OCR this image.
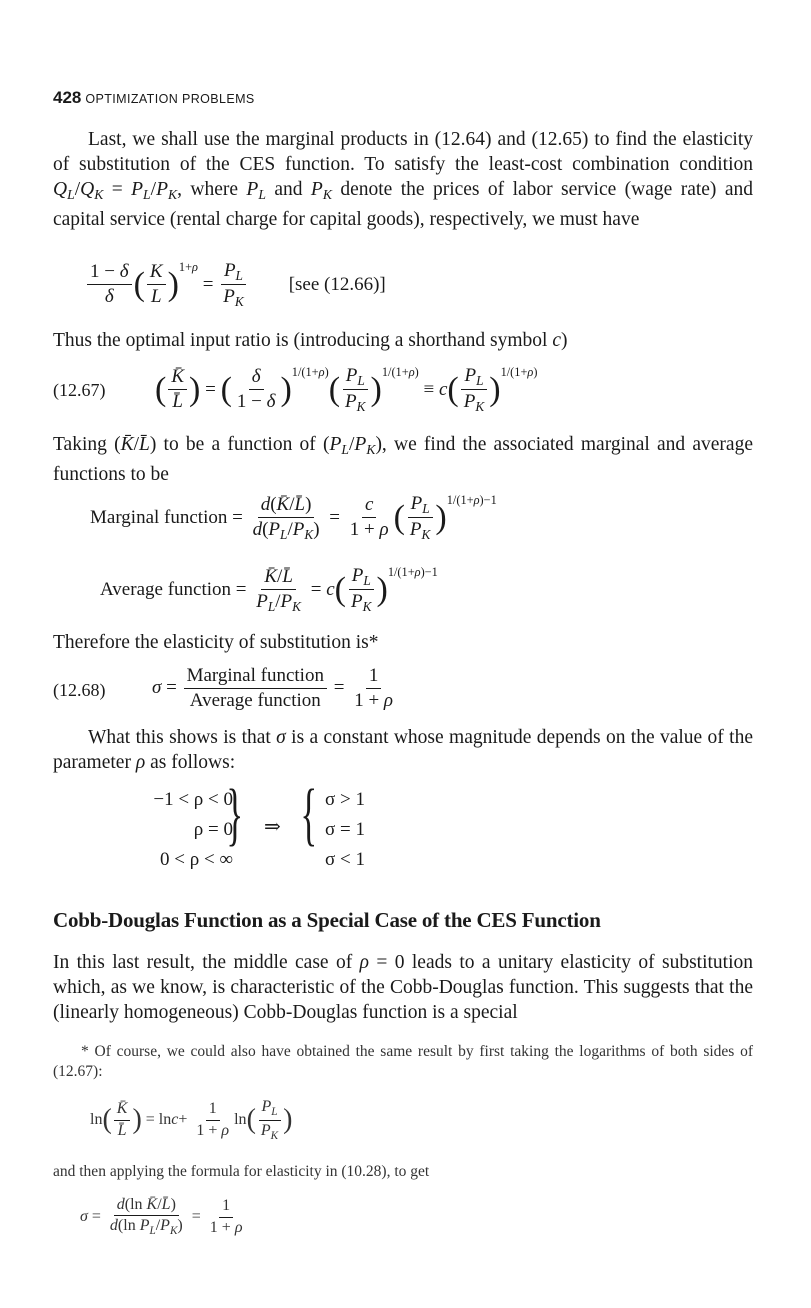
428 OPTIMIZATION PROBLEMS
Last, we shall use the marginal products in (12.64) and (12.65) to find the elasticity of substitution of the CES function. To satisfy the least-cost combination condition $Q_L/Q_K = P_L/P_K$, where $P_L$ and $P_K$ denote the prices of labor service (wage rate) and capital service (rental charge for capital goods), respectively, we must have
$\frac{1 - \delta}{\delta}$ ( $\frac{K}{L} )^{1+\rho}$
= $\frac{P_L}{P_K} [see$ (12.66)]
Thus the optimal input ratio is (introducing a shorthand symbol c)
(12.67) ( $\frac{K̄}{L̄}$ ) = ( $\frac{\delta}{1 - \delta} )^{1/(1+\rho)}$ ( $\frac{P_L}{P_K} )^{1/(1+\rho)}$
≡ c ( $\frac{P_L}{P_K} )^{1/(1+\rho)}$
Taking (K̄/L̄) to be a function of $(P_L/P_K)$, we find the associated marginal and average functions to be
Marginal function = $\frac{d(K̄/L̄)}{d(P_L/P_K)} = \frac{c}{1 + \rho}$ ( $\frac{P_L}{P_K} )^{1/(1+\rho)-1}$
Average function = $\frac{K̄/L̄}{P_L/P_K} = c$ ( $\frac{P_L}{P_K} )^{1/(1+\rho)-1}$
Therefore the elasticity of substitution is*
(12.68) $\sigma = \frac{\text{Marginal function}}{\text{Average function}} = \frac{1}{1 + \rho}$
What this shows is that σ is a constant whose magnitude depends on the value of the parameter ρ as follows:
−1 < ρ < 0
ρ = 0
0 < ρ < ∞
} ⇒ { σ > 1
σ = 1
σ < 1
Cobb-Douglas Function as a Special Case of the CES Function
In this last result, the middle case of ρ = 0 leads to a unitary elasticity of substitution which, as we know, is characteristic of the Cobb-Douglas function. This suggests that the (linearly homogeneous) Cobb-Douglas function is a special
* Of course, we could also have obtained the same result by first taking the logarithms of both sides of (12.67):
ln ( $\frac{K̄}{L̄}$ ) = $\ln c + \frac{1}{1 + \rho}$ ln ( $\frac{P_L}{P_K}$ )
and then applying the formula for elasticity in (10.28), to get
$\sigma = \frac{\text{d(ln K̄/L̄)}}{d(\ln P_L/P_K)} = \frac{1}{1 + \rho}$
